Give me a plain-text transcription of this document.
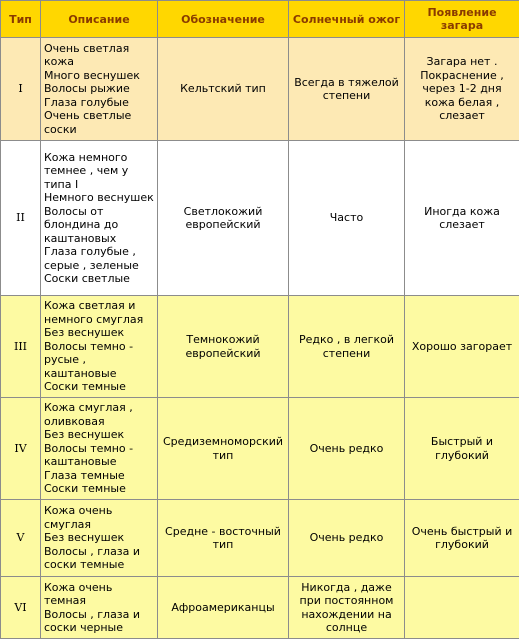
Тип	Описание	Обозначение	Солнечный ожог	Появление загара
I	Очень светлая кожа
Много веснушек
Волосы рыжие
Глаза голубые
Очень светлые соски	Кельтский тип	Всегда в тяжелой степени	Загара нет . Покраснение , через 1-2 дня кожа белая , слезает
II	Кожа немного темнее , чем у типа I
Немного веснушек
Волосы от блондина до каштановых
Глаза голубые , серые , зеленые
Соски светлые	Светлокожий европейский	Часто	Иногда кожа слезает
III	Кожа светлая и немного смуглая
Без веснушек
Волосы темно - русые , каштановые
Соски темные	Темнокожий европейский	Редко , в легкой степени	Хорошо загорает
IV	Кожа смуглая , оливковая
Без веснушек
Волосы темно - каштановые
Глаза темные
Соски темные	Средиземноморский тип	Очень редко	Быстрый и глубокий
V	Кожа очень смуглая
Без веснушек
Волосы , глаза и соски темные	Средне - восточный тип	Очень редко	Очень быстрый и глубокий
VI	Кожа очень темная
Волосы , глаза и соски черные	Афроамериканцы	Никогда , даже при постоянном нахождении на солнце	
